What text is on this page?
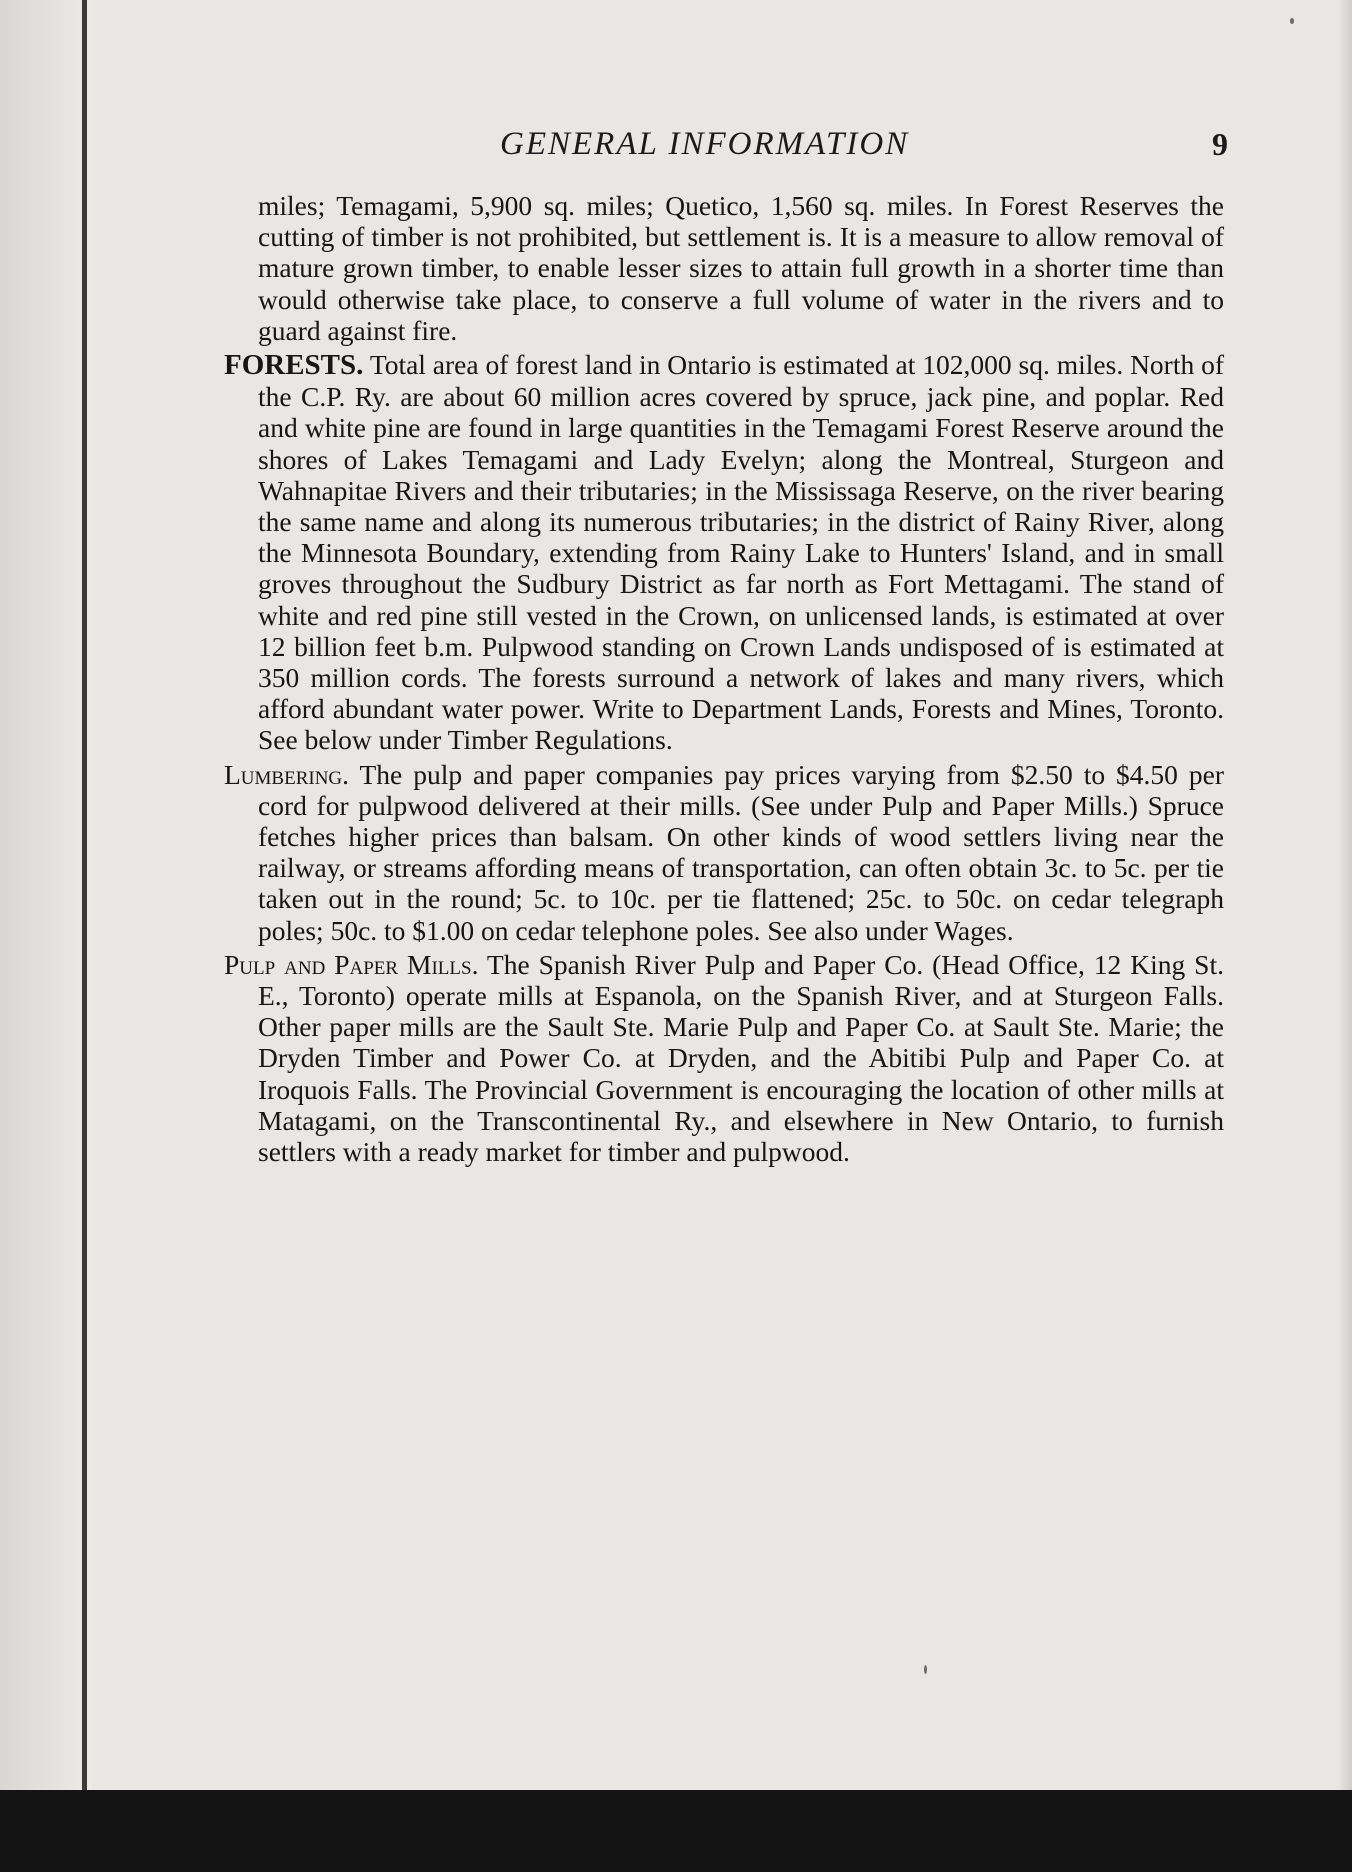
GENERAL INFORMATION	9

miles; Temagami, 5,900 sq. miles; Quetico, 1,560 sq. miles. In Forest Reserves the cutting of timber is not prohibited, but settlement is. It is a measure to allow removal of mature grown timber, to enable lesser sizes to attain full growth in a shorter time than would otherwise take place, to conserve a full volume of water in the rivers and to guard against fire.

FORESTS. Total area of forest land in Ontario is estimated at 102,000 sq. miles. North of the C.P. Ry. are about 60 million acres covered by spruce, jack pine, and poplar. Red and white pine are found in large quantities in the Temagami Forest Reserve around the shores of Lakes Temagami and Lady Evelyn; along the Montreal, Sturgeon and Wahnapitae Rivers and their tributaries; in the Mississaga Reserve, on the river bearing the same name and along its numerous tributaries; in the district of Rainy River, along the Minnesota Boundary, extending from Rainy Lake to Hunters' Island, and in small groves throughout the Sudbury District as far north as Fort Mettagami. The stand of white and red pine still vested in the Crown, on unlicensed lands, is estimated at over 12 billion feet b.m. Pulpwood standing on Crown Lands undisposed of is estimated at 350 million cords. The forests surround a network of lakes and many rivers, which afford abundant water power. Write to Department Lands, Forests and Mines, Toronto. See below under Timber Regulations.

Lumbering. The pulp and paper companies pay prices varying from $2.50 to $4.50 per cord for pulpwood delivered at their mills. (See under Pulp and Paper Mills.) Spruce fetches higher prices than balsam. On other kinds of wood settlers living near the railway, or streams affording means of transportation, can often obtain 3c. to 5c. per tie taken out in the round; 5c. to 10c. per tie flattened; 25c. to 50c. on cedar telegraph poles; 50c. to $1.00 on cedar telephone poles. See also under Wages.

Pulp and Paper Mills. The Spanish River Pulp and Paper Co. (Head Office, 12 King St. E., Toronto) operate mills at Espanola, on the Spanish River, and at Sturgeon Falls. Other paper mills are the Sault Ste. Marie Pulp and Paper Co. at Sault Ste. Marie; the Dryden Timber and Power Co. at Dryden, and the Abitibi Pulp and Paper Co. at Iroquois Falls. The Provincial Government is encouraging the location of other mills at Matagami, on the Transcontinental Ry., and elsewhere in New Ontario, to furnish settlers with a ready market for timber and pulpwood.
